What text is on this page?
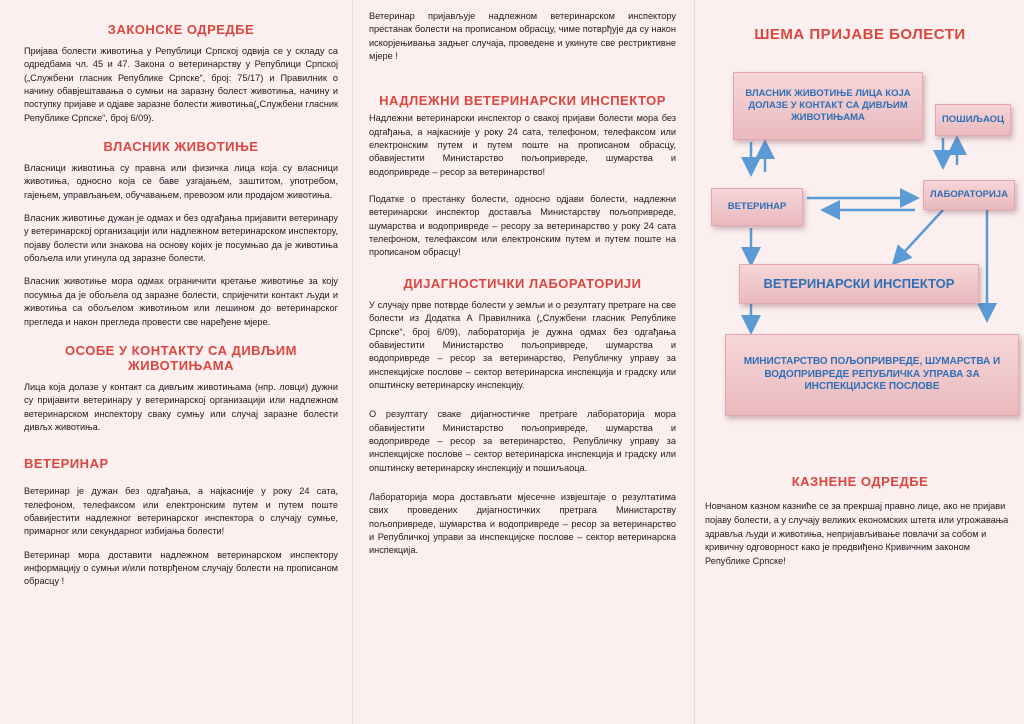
ЗАКОНСКЕ ОДРЕДБЕ

Пријава болести животиња у Републици Српској одвија се у складу са одредбама чл. 45 и 47. Закона о ветеринарству у Републици Српској („Службени гласник Републике Српске“, број: 75/17) и Правилник о начину обавјештавања о сумњи на заразну болест животиња, начину и поступку пријаве и одјаве заразне болести животиња(„Службени гласник Републике Српске“, број 6/09).

ВЛАСНИК ЖИВОТИЊЕ

Власници животиња су правна или физичка лица која су власници животиња, односно која се баве узгајањем, заштитом, употребом, гајењем, управљањем, обучавањем, превозом или продајом животиња.

Власник животиње дужан је одмах и без одгађања пријавити ветеринару у ветеринарској организацији или надлежном ветеринарском инспектору, појаву болести или знакова на основу којих је посумњао да је животиња обољела или угинула од заразне болести.

Власник животиње мора одмах ограничити кретање животиње за коју посумња да је обољела од заразне болести, спријечити контакт људи и животиња са обољелом животињом или лешином до ветеринарског прегледа и након прегледа провести све наређене мјере.

ОСОБЕ У КОНТАКТУ СА ДИВЉИМ ЖИВОТИЊАМА

Лица која долазе у контакт са дивљим животињама (нпр. ловци) дужни су пријавити ветеринару у ветеринарској организацији или надлежном ветеринарском инспектору сваку сумњу или случај заразне болести дивљх животиња.

ВЕТЕРИНАР

Ветеринар је дужан без одгађања, а најкасније у року 24 сата, телефоном, телефаксом или електронским путем и путем поште обавијестити надлежног ветеринарског инспектора о случају сумње, примарног или секундарног избијања болести!

Ветеринар мора доставити надлежном ветеринарском инспектору информацију о сумњи и/или потврђеном случају болести на прописаном обрасцу !

Ветеринар пријављује надлежном ветеринарском инспектору престанак болести на прописаном обрасцу, чиме потврђује да су након искорјењивања задњег случаја, проведене и укинуте све рестриктивне мјере !

НАДЛЕЖНИ ВЕТЕРИНАРСКИ ИНСПЕКТОР

Надлежни ветеринарски инспектор о свакој пријави болести мора без одгађања, а најкасније у року 24 сата, телефоном, телефаксом или електронским путем и путем поште на прописаном обрасцу, обавијестити Министарство пољопривреде, шумарства и водопривреде – ресор за ветеринарство!

Податке о престанку болести, односно одјави болести, надлежни ветеринарски инспектор доставља Министарству пољопривреде, шумарства и водопривреде – ресору за ветеринарство у року 24 сата телефоном, телефаксом или електронским путем и путем поште на прописаном обрасцу!

ДИЈАГНОСТИЧКИ ЛАБОРАТОРИЈИ

У случају прве потврде болести у земљи и о резултату претраге на све болести из Додатка А Правилника („Службени гласник Републике Српске“, број 6/09), лабораторија је дужна одмах без одгађања обавијестити Министарство пољопривреде, шумарства и водопривреде – ресор за ветеринарство, Републичку управу за инспекцијске послове – сектор ветеринарска инспекција и градску или општинску ветеринарску инспекцију.

О резултату сваке дијагностичке претраге лабораторија мора обавијестити Министарство пољопривреде, шумарства и водопривреде – ресор за ветеринарство, Републичку управу за инспекцијске послове – сектор ветеринарска инспекција и градску или општинску ветеринарску инспекцију и пошиљаоца.

Лабораторија мора достављати мјесечне извјештаје о резултатима свих проведених дијагностичких претрага Министарству пољопривреде, шумарства и водопривреде – ресор за ветеринарство и Републичкој управи за инспекцијске послове – сектор ветеринарска инспекција.

ШЕМА ПРИЈАВЕ БОЛЕСТИ
ВЛАСНИК ЖИВОТИЊЕ ЛИЦА КОЈА ДОЛАЗЕ У КОНТАКТ СА ДИВЉИМ ЖИВОТИЊАМА	ПОШИЉАОЦ
ВЕТЕРИНАР
ЛАБОРАТОРИЈА
ВЕТЕРИНАРСКИ ИНСПЕКТОР
МИНИСТАРСТВО ПОЉОПРИВРЕДЕ, ШУМАРСТВА И ВОДОПРИВРЕДЕ РЕПУБЛИЧКА УПРАВА ЗА ИНСПЕКЦИЈСКЕ ПОСЛОВЕ
КАЗНЕНЕ ОДРЕДБЕ
Новчаном казном казниће се за прекршај правно лице, ако не пријави појаву болести, а у случају великих економских штета или угрожавања здравља људи и животиња, непријављивање повлачи за собом и кривичну одговорност како је предвиђено Кривичним законом Републике Српске!
